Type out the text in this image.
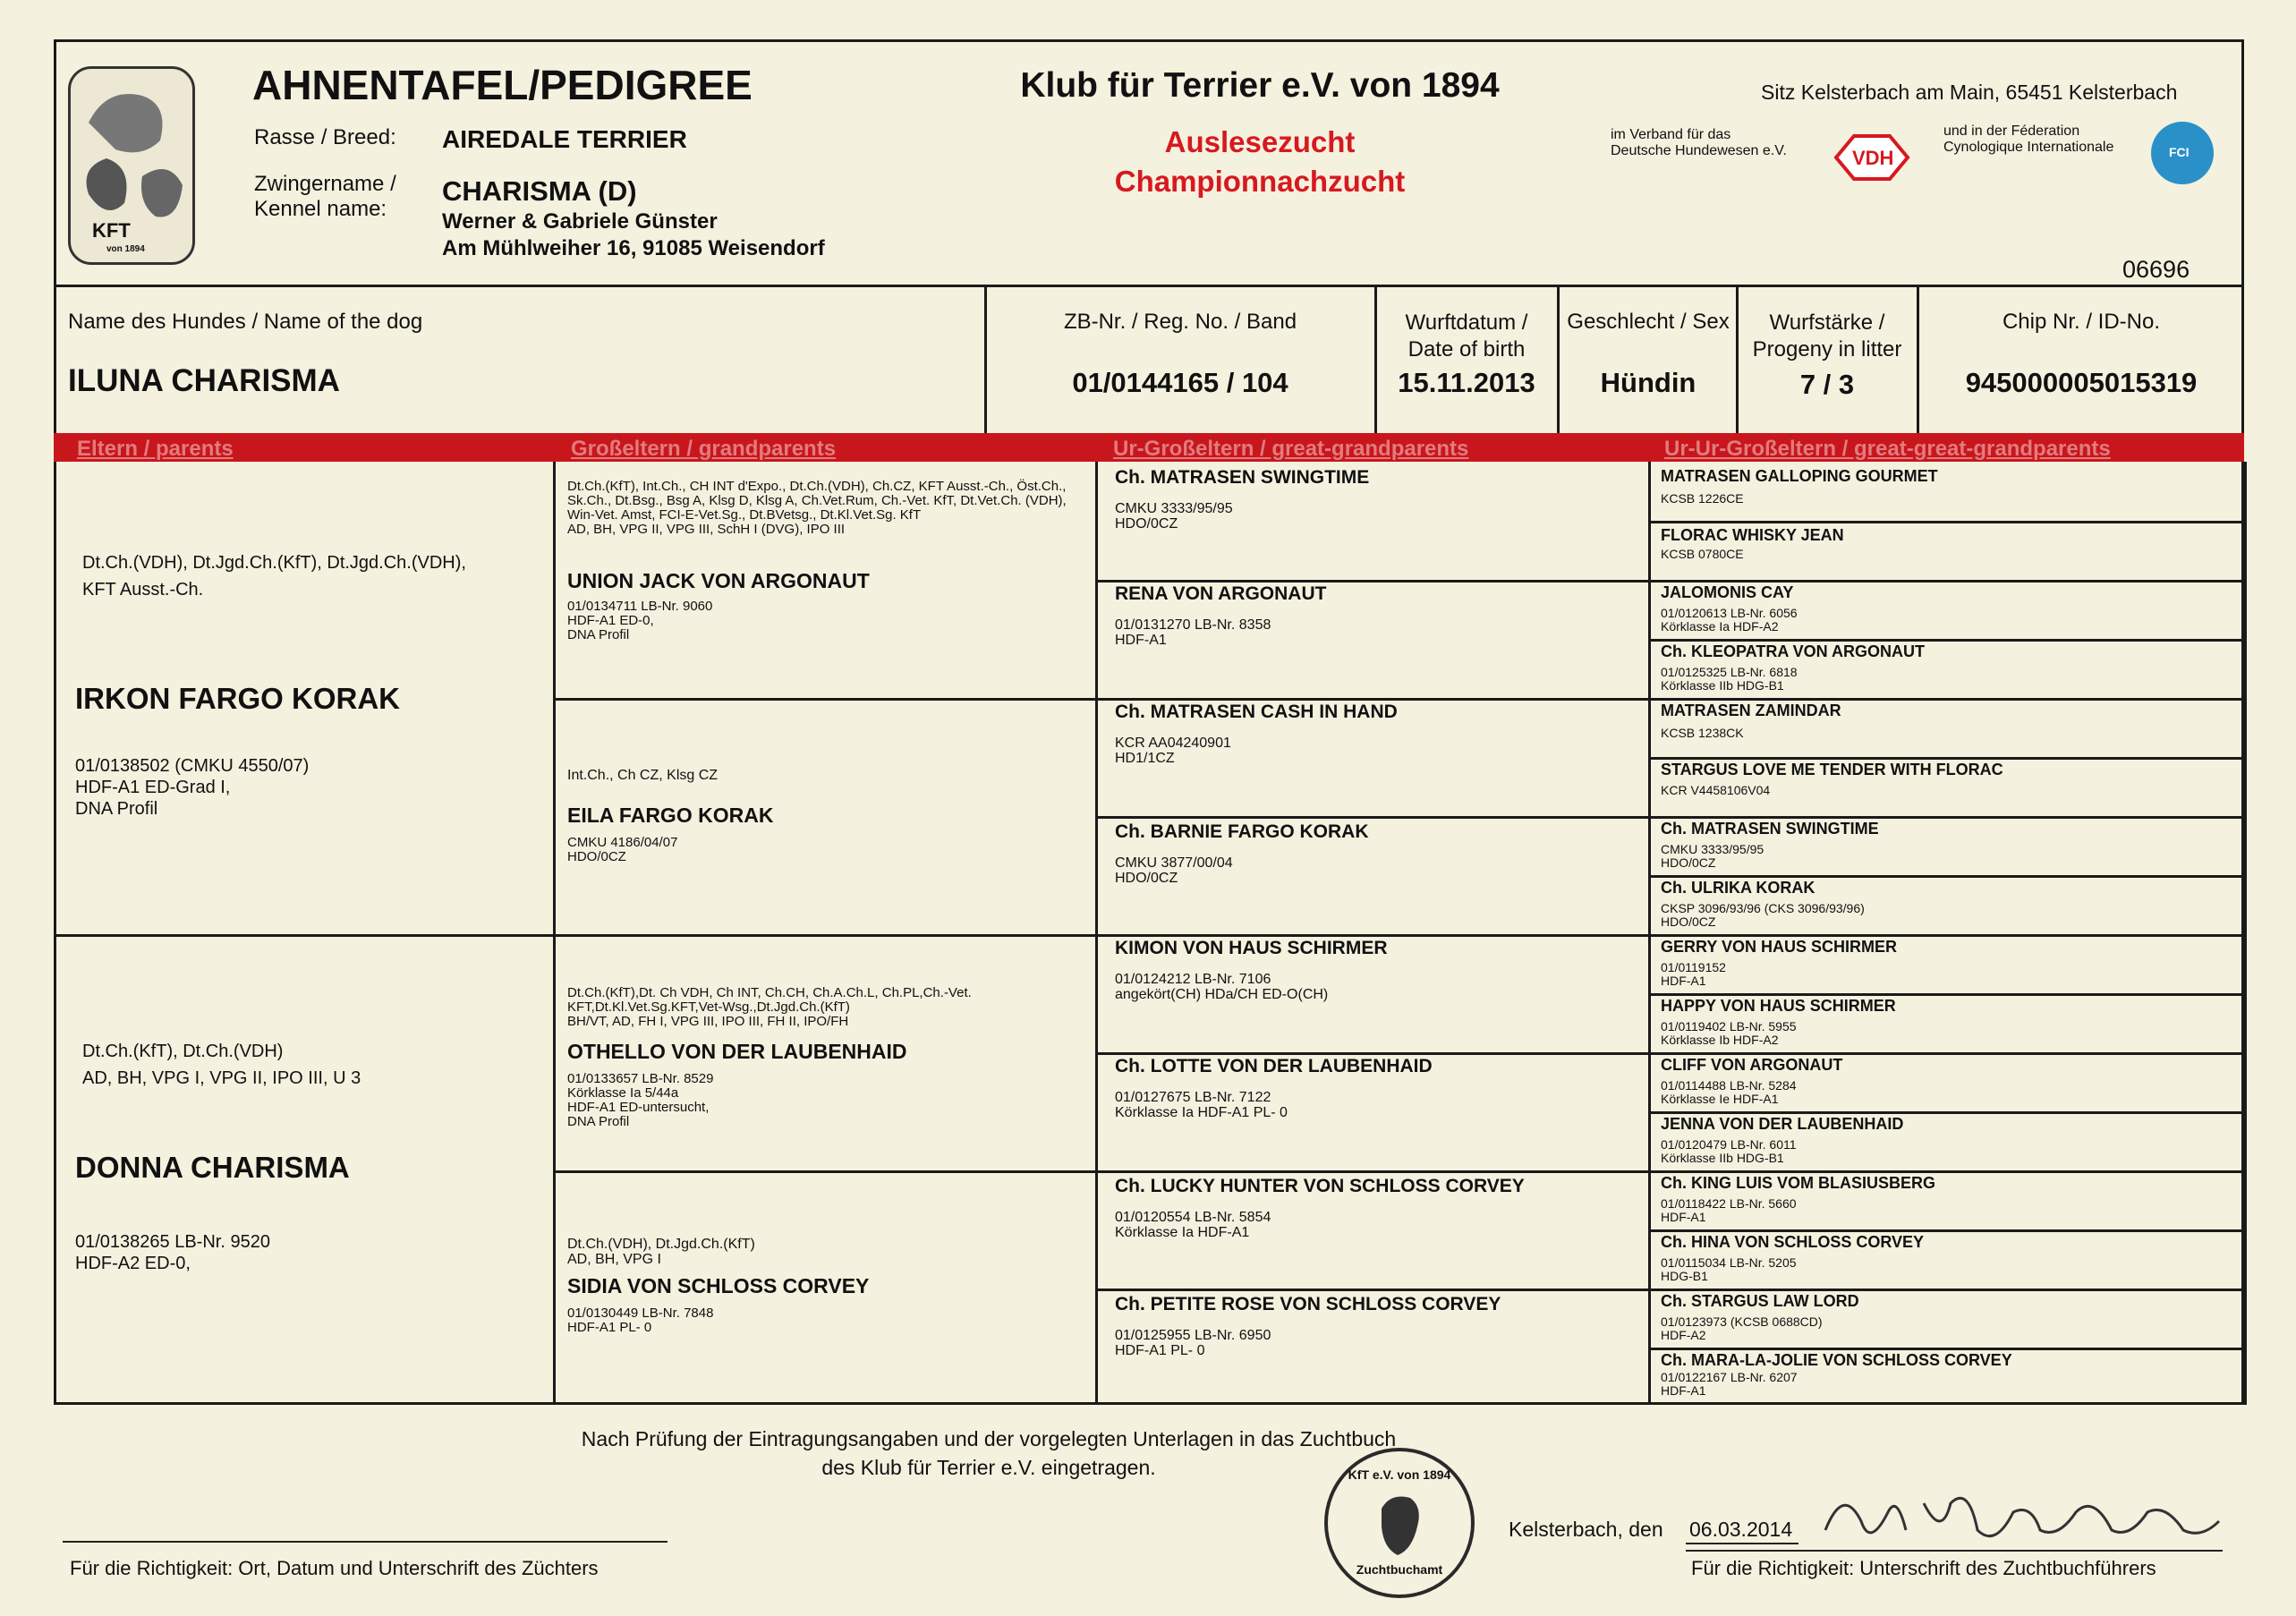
KFT
von 1894
AHNENTAFEL/PEDIGREE
Rasse / Breed: AIREDALE TERRIER
Zwingername /
Kennel name:
CHARISMA (D)
Werner & Gabriele Günster
Am Mühlweiher 16, 91085 Weisendorf
Klub für Terrier e.V. von 1894
Auslesezucht
Championnachzucht
Sitz Kelsterbach am Main, 65451 Kelsterbach
im Verband für das
Deutsche Hundewesen e.V.	VDH
und in der Féderation
Cynologique Internationale	FCI
06696
Name des Hundes / Name of the dog
ILUNA CHARISMA
ZB-Nr. / Reg. No. / Band
01/0144165 / 104
Wurftdatum /
Date of birth
15.11.2013
Geschlecht / Sex
Hündin
Wurfstärke /
Progeny in litter
7 / 3
Chip Nr. / ID-No.
945000005015319
Eltern / parents	Großeltern / grandparents	Ur-Großeltern / great-grandparents	Ur-Ur-Großeltern / great-great-grandparents
Dt.Ch.(VDH), Dt.Jgd.Ch.(KfT), Dt.Jgd.Ch.(VDH),
KFT Ausst.-Ch.
IRKON FARGO KORAK
01/0138502 (CMKU 4550/07)
HDF-A1 ED-Grad I,
DNA Profil
Dt.Ch.(KfT), Dt.Ch.(VDH)
AD, BH, VPG I, VPG II, IPO III, U 3
DONNA CHARISMA
01/0138265 LB-Nr. 9520
HDF-A2 ED-0,
Dt.Ch.(KfT), Int.Ch., CH INT d'Expo., Dt.Ch.(VDH), Ch.CZ, KFT Ausst.-Ch., Öst.Ch., Sk.Ch., Dt.Bsg., Bsg A, Klsg D, Klsg A, Ch.Vet.Rum, Ch.-Vet. KfT, Dt.Vet.Ch. (VDH), Win-Vet. Amst, FCI-E-Vet.Sg., Dt.BVetsg., Dt.Kl.Vet.Sg. KfT
AD, BH, VPG II, VPG III, SchH I (DVG), IPO III
UNION JACK VON ARGONAUT
01/0134711 LB-Nr. 9060
HDF-A1 ED-0,
DNA Profil
Int.Ch., Ch CZ, Klsg CZ
EILA FARGO KORAK
CMKU 4186/04/07
HDO/0CZ
Dt.Ch.(KfT),Dt. Ch VDH, Ch INT, Ch.CH, Ch.A.Ch.L, Ch.PL,Ch.-Vet. KFT,Dt.Kl.Vet.Sg.KFT,Vet-Wsg.,Dt.Jgd.Ch.(KfT)
BH/VT, AD, FH I, VPG III, IPO III, FH II, IPO/FH
OTHELLO VON DER LAUBENHAID
01/0133657 LB-Nr. 8529
Körklasse Ia 5/44a
HDF-A1 ED-untersucht,
DNA Profil
Dt.Ch.(VDH), Dt.Jgd.Ch.(KfT)
AD, BH, VPG I
SIDIA VON SCHLOSS CORVEY
01/0130449 LB-Nr. 7848
HDF-A1 PL- 0
Ch. MATRASEN SWINGTIME
CMKU 3333/95/95
HDO/0CZ
RENA VON ARGONAUT
01/0131270 LB-Nr. 8358
HDF-A1
Ch. MATRASEN CASH IN HAND
KCR AA04240901
HD1/1CZ
Ch. BARNIE FARGO KORAK
CMKU 3877/00/04
HDO/0CZ
KIMON VON HAUS SCHIRMER
01/0124212 LB-Nr. 7106
angekört(CH) HDa/CH ED-O(CH)
Ch. LOTTE VON DER LAUBENHAID
01/0127675 LB-Nr. 7122
Körklasse Ia HDF-A1 PL- 0
Ch. LUCKY HUNTER VON SCHLOSS CORVEY
01/0120554 LB-Nr. 5854
Körklasse Ia HDF-A1
Ch. PETITE ROSE VON SCHLOSS CORVEY
01/0125955 LB-Nr. 6950
HDF-A1 PL- 0
MATRASEN GALLOPING GOURMET
KCSB 1226CE
FLORAC WHISKY JEAN
KCSB 0780CE
JALOMONIS CAY
01/0120613 LB-Nr. 6056
Körklasse Ia HDF-A2
Ch. KLEOPATRA VON ARGONAUT
01/0125325 LB-Nr. 6818
Körklasse IIb HDG-B1
MATRASEN ZAMINDAR
KCSB 1238CK
STARGUS LOVE ME TENDER WITH FLORAC
KCR V4458106V04
Ch. MATRASEN SWINGTIME
CMKU 3333/95/95
HDO/0CZ
Ch. ULRIKA KORAK
CKSP 3096/93/96 (CKS 3096/93/96)
HDO/0CZ
GERRY VON HAUS SCHIRMER
01/0119152
HDF-A1
HAPPY VON HAUS SCHIRMER
01/0119402 LB-Nr. 5955
Körklasse Ib HDF-A2
CLIFF VON ARGONAUT
01/0114488 LB-Nr. 5284
Körklasse Ie HDF-A1
JENNA VON DER LAUBENHAID
01/0120479 LB-Nr. 6011
Körklasse IIb HDG-B1
Ch. KING LUIS VOM BLASIUSBERG
01/0118422 LB-Nr. 5660
HDF-A1
Ch. HINA VON SCHLOSS CORVEY
01/0115034 LB-Nr. 5205
HDG-B1
Ch. STARGUS LAW LORD
01/0123973 (KCSB 0688CD)
HDF-A2
Ch. MARA-LA-JOLIE VON SCHLOSS CORVEY
01/0122167 LB-Nr. 6207
HDF-A1
Nach Prüfung der Eintragungsangaben und der vorgelegten Unterlagen in das Zuchtbuch
des Klub für Terrier e.V. eingetragen.
Für die Richtigkeit: Ort, Datum und Unterschrift des Züchters
KfT e.V. von 1894
Zuchtbuchamt
Kelsterbach, den 06.03.2014
Für die Richtigkeit: Unterschrift des Zuchtbuchführers
